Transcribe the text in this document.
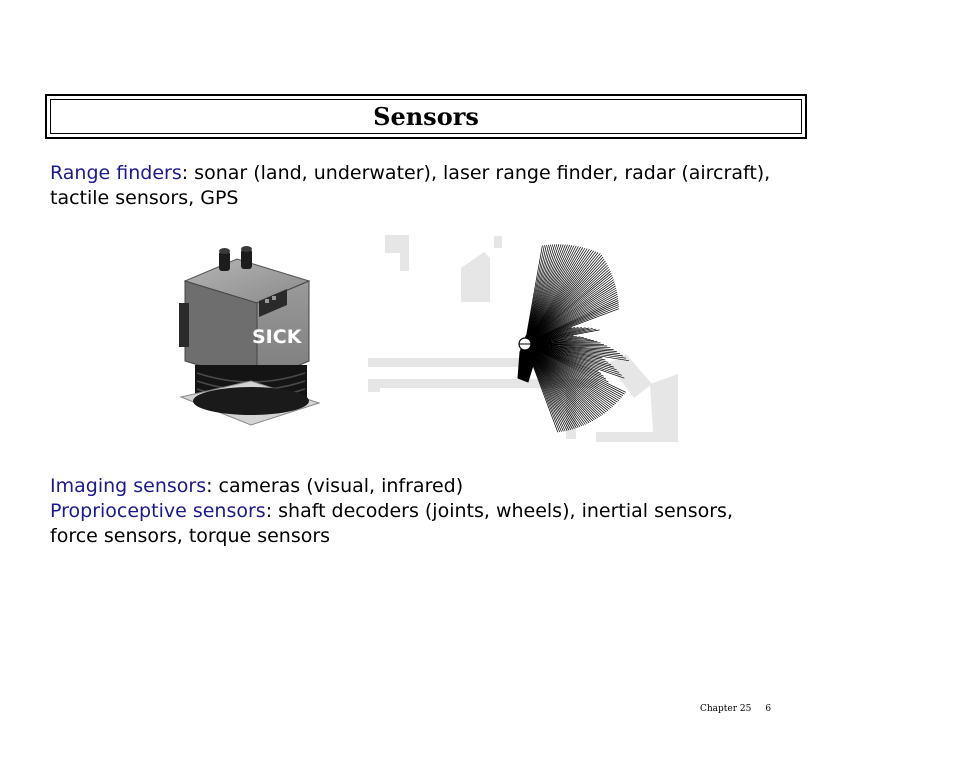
Sensors
Range finders: sonar (land, underwater), laser range finder, radar (aircraft),
tactile sensors, GPS
SICK
Imaging sensors: cameras (visual, infrared)
Proprioceptive sensors: shaft decoders (joints, wheels), inertial sensors,
force sensors, torque sensors
Chapter 25 6
